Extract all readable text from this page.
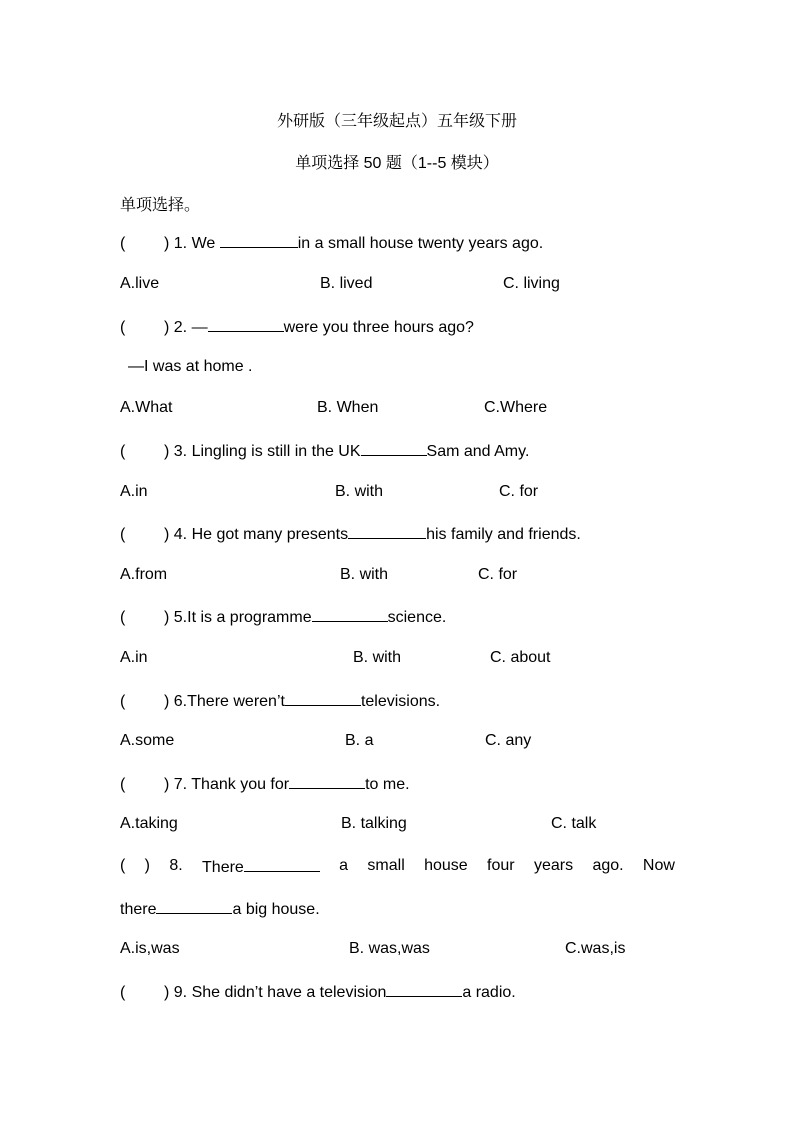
外研版（三年级起点）五年级下册
单项选择 50 题（1--5 模块）
单项选择。
( ) 1. We	in a small house twenty years ago.
A.live	B. lived	C. living
( ) 2. —	were you three hours ago?
—I was at home .
A.What	B. When	C.Where
( ) 3. Lingling is still in the UK	Sam and Amy.
A.in	B. with	C. for
( ) 4. He got many presents	his family and friends.
A.from	B. with	C. for
( ) 5.It is a programme	science.
A.in	B. with	C. about
( ) 6.There weren’t	televisions.
A.some	B. a	C. any
( ) 7. Thank you for	to me.
A.taking	B. talking	C. talk
( ) 8. There	a small house four years ago. Now
there	a big house.
A.is,was	B. was,was	C.was,is
( ) 9. She didn’t have a television	a radio.
